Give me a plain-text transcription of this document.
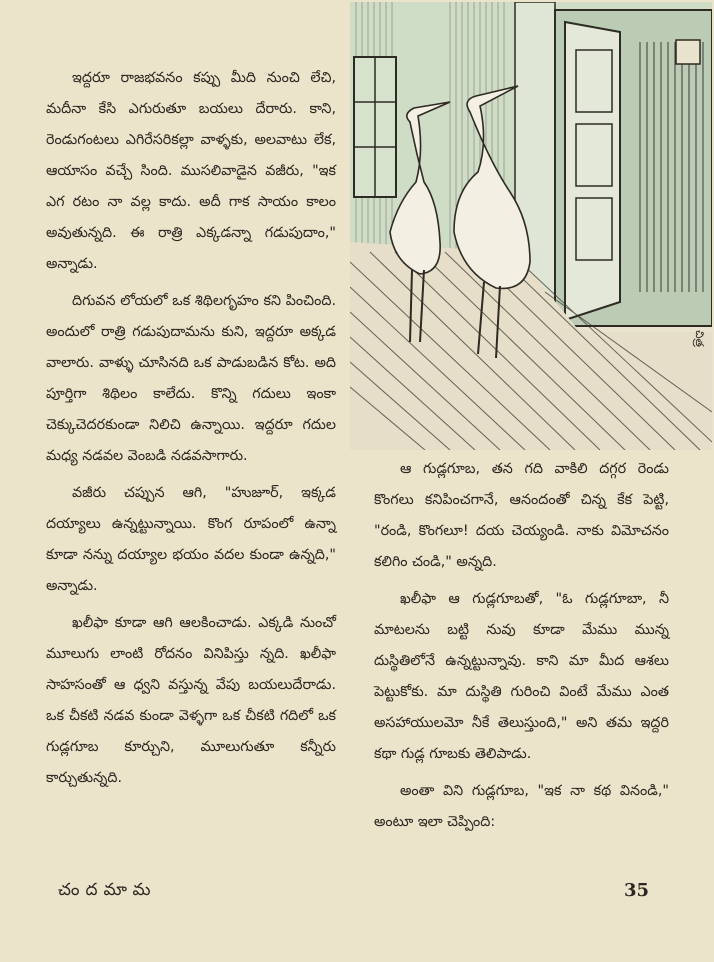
ఇద్దరూ రాజభవనం కప్పు మీది నుంచి లేచి, మదీనా కేసి ఎగురుతూ బయలు దేరారు. కాని, రెండుగంటలు ఎగిరేసరికల్లా వాళ్ళకు, అలవాటు లేక, ఆయాసం వచ్చే సింది. ముసలివాడైన వజీరు, "ఇక ఎగ రటం నా వల్ల కాదు. అదీ గాక సాయం కాలం అవుతున్నది. ఈ రాత్రి ఎక్కడన్నా గడుపుదాం," అన్నాడు.

దిగువన లోయలో ఒక శిథిలగృహం కని పించింది. అందులో రాత్రి గడుపుదామను కుని, ఇద్దరూ అక్కడ వాలారు. వాళ్ళు చూసినది ఒక పాడుబడిన కోట. అది పూర్తిగా శిథిలం కాలేదు. కొన్ని గదులు ఇంకా చెక్కుచెదరకుండా నిలిచి ఉన్నాయి. ఇద్దరూ గదుల మధ్య నడవల వెంబడి నడవసాగారు.

వజీరు చప్పున ఆగి, "హుజూర్, ఇక్కడ దయ్యాలు ఉన్నట్టున్నాయి. కొంగ రూపంలో ఉన్నా కూడా నన్ను దయ్యాల భయం వదల కుండా ఉన్నది," అన్నాడు.

ఖలీఫా కూడా ఆగి ఆలకించాడు. ఎక్కడి నుంచో మూలుగు లాంటి రోదనం వినిపిస్తు న్నది. ఖలీఫా సాహసంతో ఆ ధ్వని వస్తున్న వేపు బయలుదేరాడు. ఒక చీకటి నడవ కుండా వెళ్ళగా ఒక చీకటి గదిలో ఒక గుడ్లగూబ కూర్చుని, మూలుగుతూ కన్నీరు కార్చుతున్నది.

చిత్ర

ఆ గుడ్లగూబ, తన గది వాకిలి దగ్గర రెండు కొంగలు కనిపించగానే, ఆనందంతో చిన్న కేక పెట్టి, "రండి, కొంగలూ! దయ చెయ్యండి. నాకు విమోచనం కలిగిం చండి," అన్నది.

ఖలీఫా ఆ గుడ్లగూబతో, "ఓ గుడ్లగూబా, నీ మాటలను బట్టి నువు కూడా మేము మున్న దుస్థితిలోనే ఉన్నట్టున్నావు. కాని మా మీద ఆశలు పెట్టుకోకు. మా దుస్థితి గురించి వింటే మేము ఎంత అసహాయులమో నీకే తెలుస్తుంది," అని తమ ఇద్దరి కథా గుడ్ల గూబకు తెలిపాడు.

అంతా విని గుడ్లగూబ, "ఇక నా కథ వినండి," అంటూ ఇలా చెప్పింది:

చందమామ	35
